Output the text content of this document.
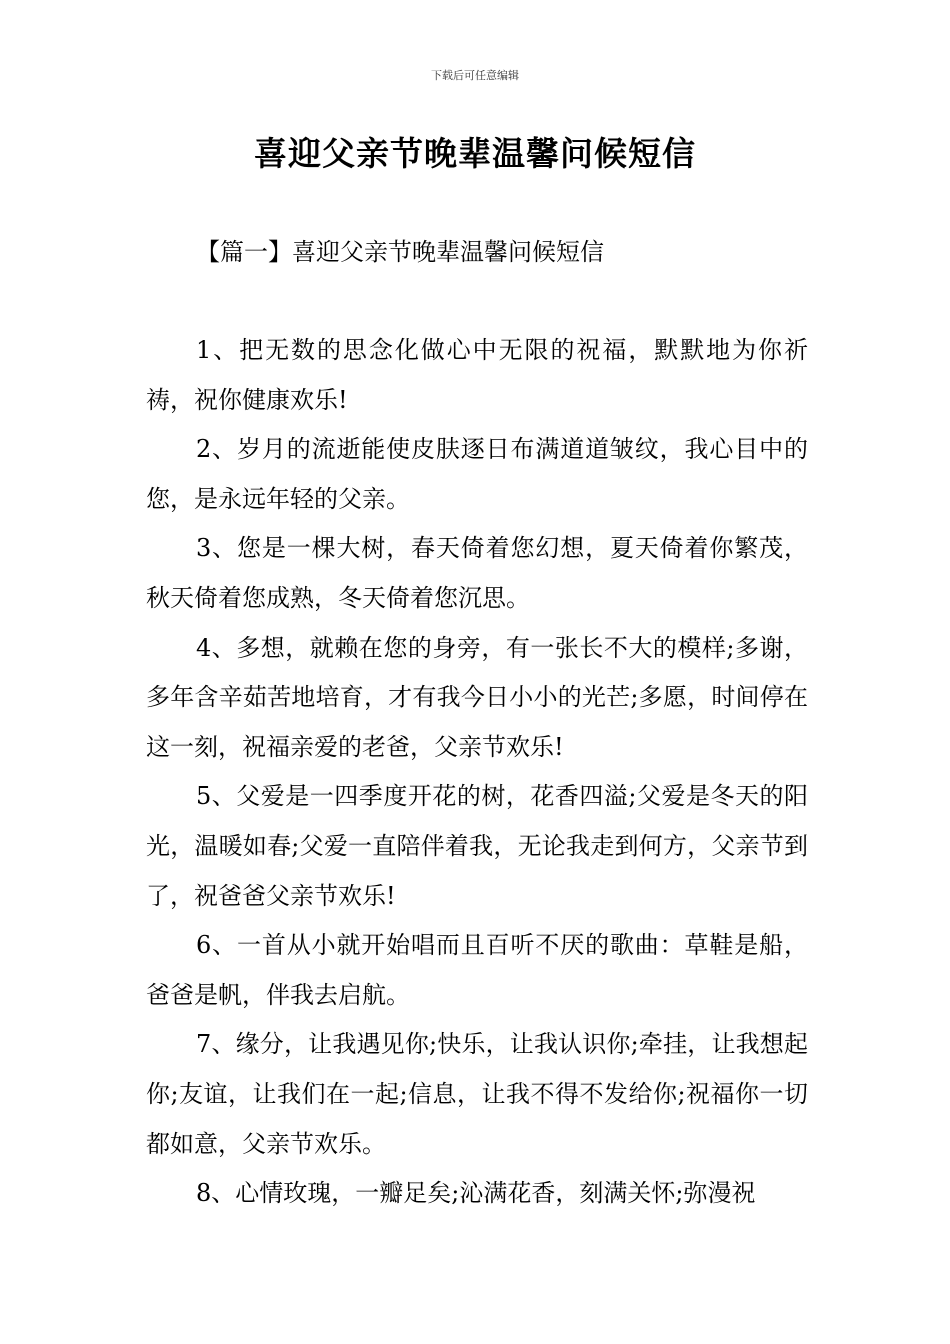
下载后可任意编辑
喜迎父亲节晚辈温馨问候短信
【篇一】喜迎父亲节晚辈温馨问候短信

1、把无数的思念化做心中无限的祝福，默默地为你祈祷，祝你健康欢乐!

2、岁月的流逝能使皮肤逐日布满道道皱纹，我心目中的您，是永远年轻的父亲。

3、您是一棵大树，春天倚着您幻想，夏天倚着你繁茂，秋天倚着您成熟，冬天倚着您沉思。

4、多想，就赖在您的身旁，有一张长不大的模样;多谢，多年含辛茹苦地培育，才有我今日小小的光芒;多愿，时间停在这一刻，祝福亲爱的老爸，父亲节欢乐!

5、父爱是一四季度开花的树，花香四溢;父爱是冬天的阳光，温暖如春;父爱一直陪伴着我，无论我走到何方，父亲节到了，祝爸爸父亲节欢乐!

6、一首从小就开始唱而且百听不厌的歌曲：草鞋是船，爸爸是帆，伴我去启航。

7、缘分，让我遇见你;快乐，让我认识你;牵挂，让我想起你;友谊，让我们在一起;信息，让我不得不发给你;祝福你一切都如意，父亲节欢乐。

8、心情玫瑰，一瓣足矣;沁满花香，刻满关怀;弥漫祝
